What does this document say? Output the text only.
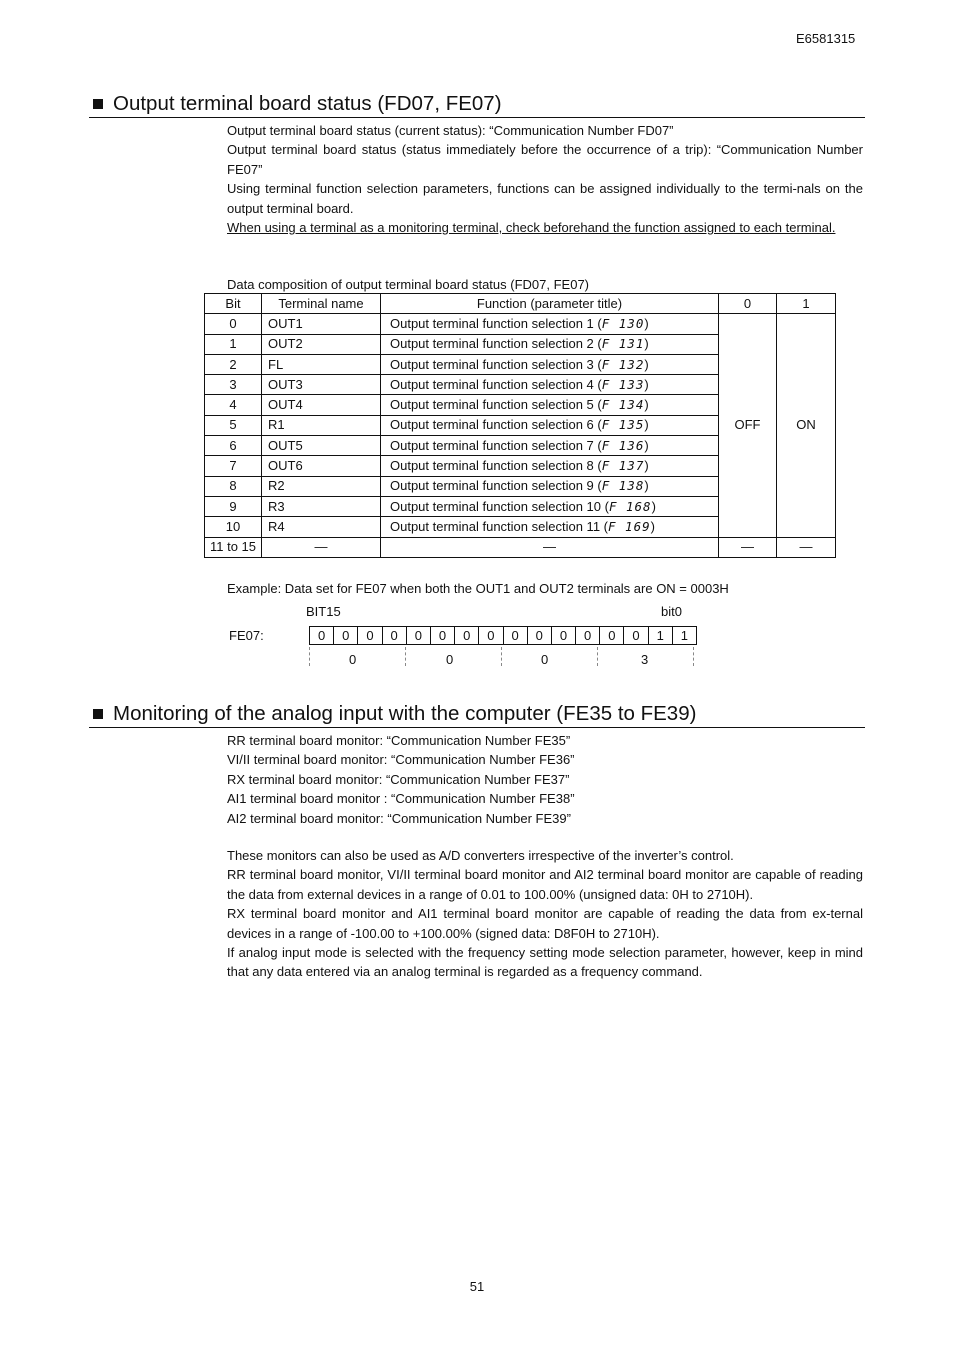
E6581315
Output terminal board status (FD07, FE07)

Output terminal board status (current status): “Communication Number FD07”

Output terminal board status (status immediately before the occurrence of a trip): “Communication Number FE07”

Using terminal function selection parameters, functions can be assigned individually to the termi-nals on the output terminal board.

When using a terminal as a monitoring terminal, check beforehand the function assigned to each terminal.

Data composition of output terminal board status (FD07, FE07)
Bit	Terminal name	Function (parameter title)	0	1
0	OUT1	Output terminal function selection 1 (F 130)	OFF	ON
1	OUT2	Output terminal function selection 2 (F 131)		
2	FL	Output terminal function selection 3 (F 132)		
3	OUT3	Output terminal function selection 4 (F 133)		
4	OUT4	Output terminal function selection 5 (F 134)		
5	R1	Output terminal function selection 6 (F 135)		
6	OUT5	Output terminal function selection 7 (F 136)		
7	OUT6	Output terminal function selection 8 (F 137)		
8	R2	Output terminal function selection 9 (F 138)		
9	R3	Output terminal function selection 10 (F 168)		
10	R4	Output terminal function selection 11 (F 169)		
11 to 15	—	—	—	—
Example: Data set for FE07 when both the OUT1 and OUT2 terminals are ON = 0003H
BIT15	bit0
FE07:	0	0	0	0	0	0	0	0	0	0	0	0	0	0	1	1
0	0	0	3
Monitoring of the analog input with the computer (FE35 to FE39)

RR terminal board monitor: “Communication Number FE35”

VI/II terminal board monitor: “Communication Number FE36”

RX terminal board monitor: “Communication Number FE37”

AI1 terminal board monitor : “Communication Number FE38”

AI2 terminal board monitor: “Communication Number FE39”

These monitors can also be used as A/D converters irrespective of the inverter’s control.

RR terminal board monitor, VI/II terminal board monitor and AI2 terminal board monitor are capable of reading the data from external devices in a range of 0.01 to 100.00% (unsigned data: 0H to 2710H).

RX terminal board monitor and AI1 terminal board monitor are capable of reading the data from ex-ternal devices in a range of -100.00 to +100.00% (signed data: D8F0H to 2710H).

If analog input mode is selected with the frequency setting mode selection parameter, however, keep in mind that any data entered via an analog terminal is regarded as a frequency command.

51
